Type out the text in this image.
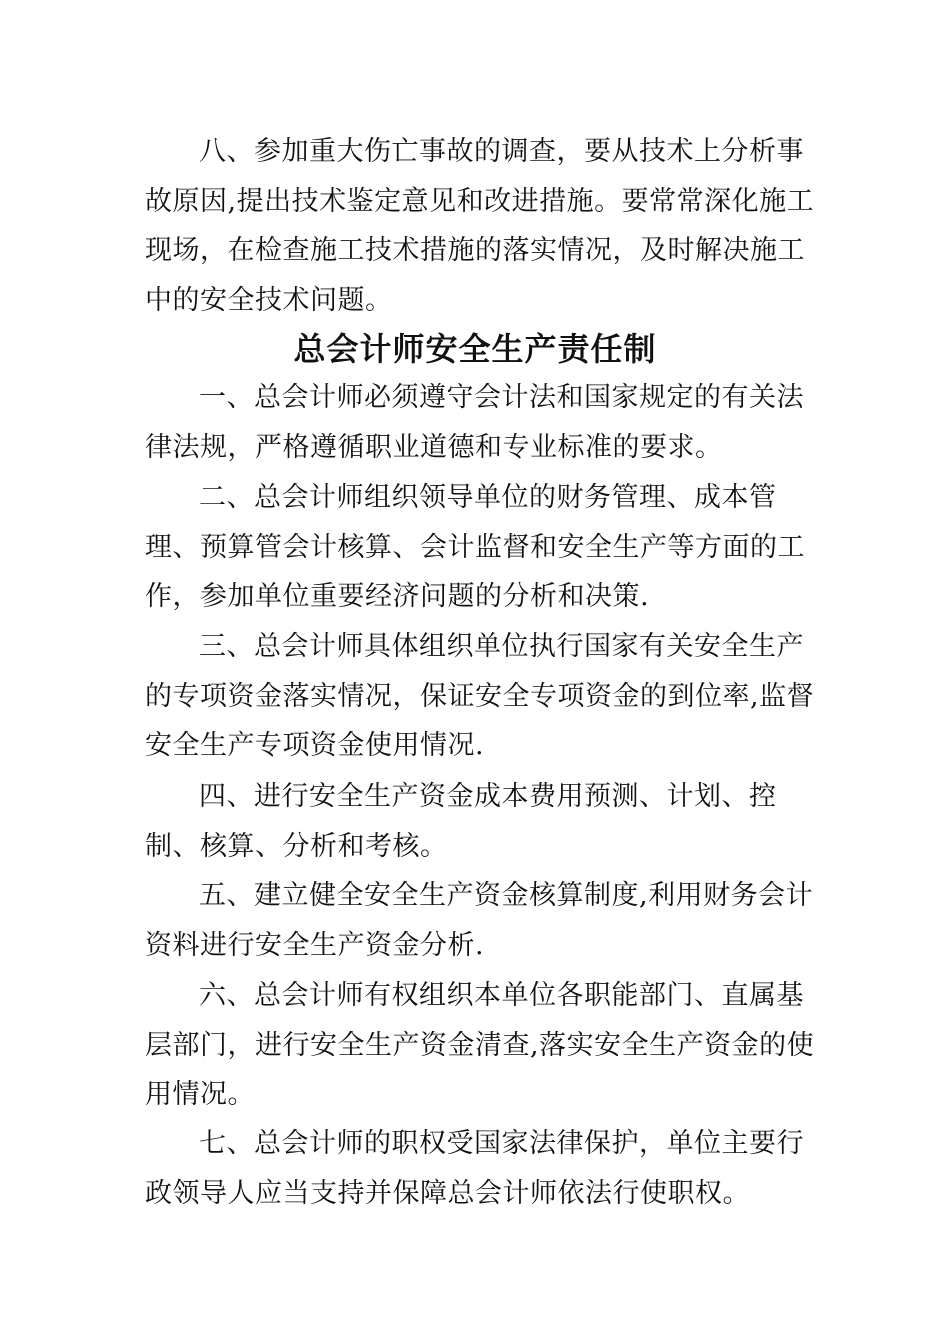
八、参加重大伤亡事故的调查，要从技术上分析事故原因,提出技术鉴定意见和改进措施。要常常深化施工现场，在检查施工技术措施的落实情况，及时解决施工中的安全技术问题。

总会计师安全生产责任制

一、总会计师必须遵守会计法和国家规定的有关法律法规，严格遵循职业道德和专业标准的要求。

二、总会计师组织领导单位的财务管理、成本管理、预算管会计核算、会计监督和安全生产等方面的工作，参加单位重要经济问题的分析和决策.

三、总会计师具体组织单位执行国家有关安全生产的专项资金落实情况，保证安全专项资金的到位率,监督安全生产专项资金使用情况.

四、进行安全生产资金成本费用预测、计划、控制、核算、分析和考核。

五、建立健全安全生产资金核算制度,利用财务会计资料进行安全生产资金分析.

六、总会计师有权组织本单位各职能部门、直属基层部门，进行安全生产资金清查,落实安全生产资金的使用情况。

七、总会计师的职权受国家法律保护，单位主要行政领导人应当支持并保障总会计师依法行使职权。
